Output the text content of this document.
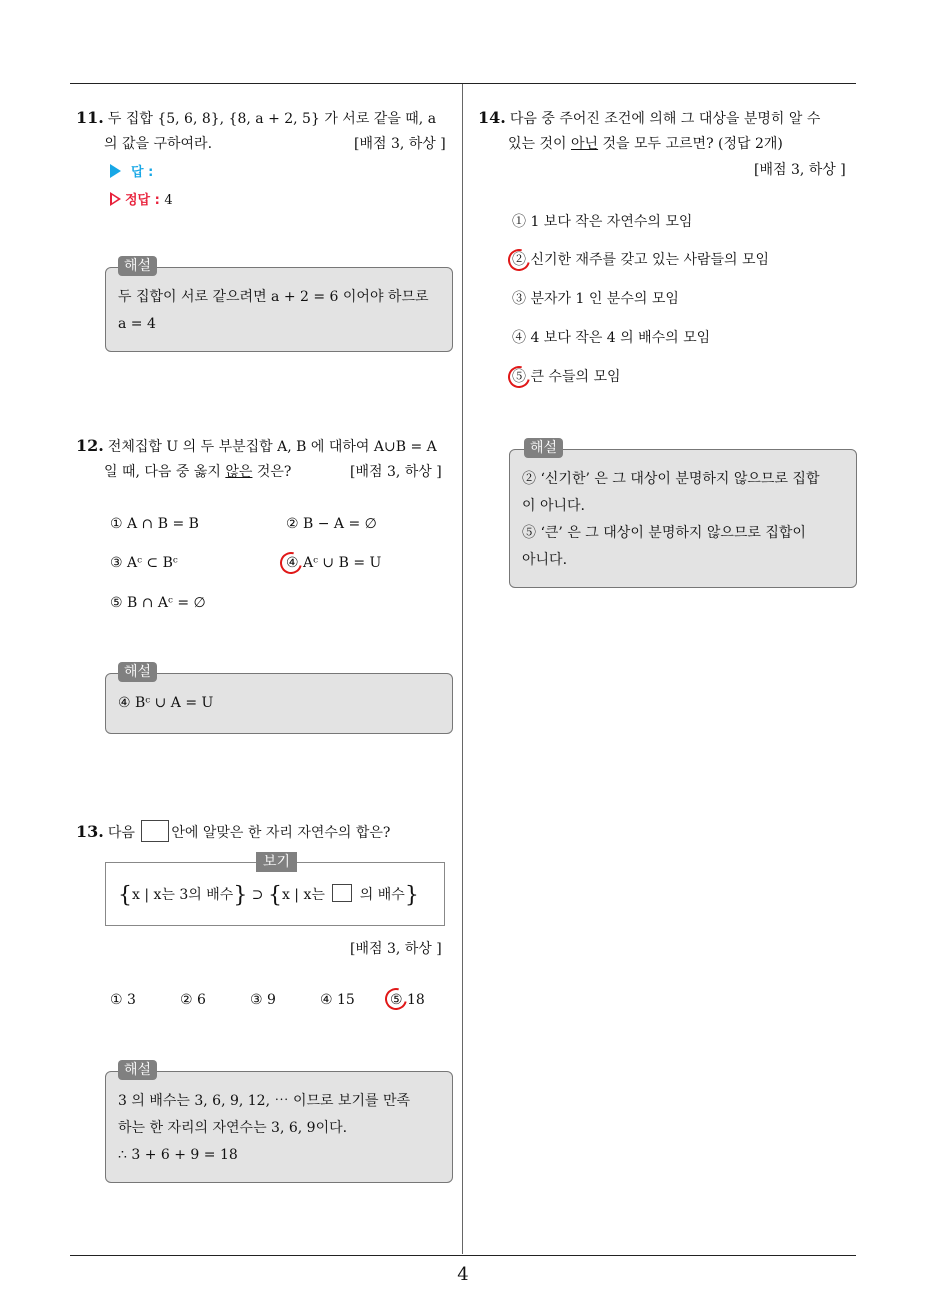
11. 두 집합 {5, 6, 8}, {8, a + 2, 5} 가 서로 같을 때, a
의 값을 구하여라.	[배점 3, 하상 ]
답 :
정답 : 4
두 집합이 서로 같으려면 a + 2 = 6 이어야 하므로
a = 4
해설
12. 전체집합 U 의 두 부분집합 A, B 에 대하여 A∪B = A
일 때, 다음 중 옳지 않은 것은?	[배점 3, 하상 ]
① A ∩ B = B	② B − A = ∅
③ Aᶜ ⊂ Bᶜ	④ Aᶜ ∪ B = U
⑤ B ∩ Aᶜ = ∅
④ Bᶜ ∪ A = U
해설
13. 다음 안에 알맞은 한 자리 자연수의 합은?
보기
{x | x는 3의 배수} ⊃ {x | x는  의 배수}
[배점 3, 하상 ]
① 3	② 6	③ 9	④ 15	⑤ 18
3 의 배수는 3, 6, 9, 12, ⋯ 이므로 보기를 만족
하는 한 자리의 자연수는 3, 6, 9이다.
∴ 3 + 6 + 9 = 18
해설
14. 다음 중 주어진 조건에 의해 그 대상을 분명히 알 수
있는 것이 아닌 것을 모두 고르면? (정답 2개)
[배점 3, 하상 ]
① 1 보다 작은 자연수의 모임
② 신기한 재주를 갖고 있는 사람들의 모임
③ 분자가 1 인 분수의 모임
④ 4 보다 작은 4 의 배수의 모임
⑤ 큰 수들의 모임
② ‘신기한’ 은 그 대상이 분명하지 않으므로 집합
이 아니다.
⑤ ‘큰’ 은 그 대상이 분명하지 않으므로 집합이
아니다.
해설
4
